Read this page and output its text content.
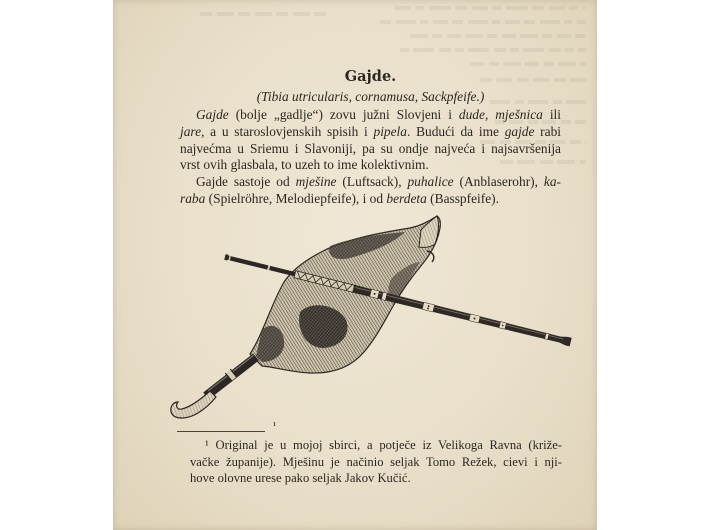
Gajde.
(Tibia utricularis, cornamusa, Sackpfeife.)
Gajde (bolje „gadlje“) zovu južni Slovjeni i dude, mješnica ili
jare, a u staroslovjenskih spisih i pipela. Budući da ime gajde rabi
najvećma u Sriemu i Slavoniji, pa su ondje najveća i najsavršenija
vrst ovih glasbala, to uzeh to ime kolektivnim.
Gajde sastoje od mješine (Luftsack), puhalice (Anblaserohr), ka-
raba (Spielröhre, Melodiepfeife), i od berdeta (Basspfeife).
¹
¹ Original je u mojoj sbirci, a potječe iz Velikoga Ravna (križe-
vačke županije). Mješinu je načinio seljak Tomo Režek, cievi i nji-
hove olovne urese pako seljak Jakov Kučić.
